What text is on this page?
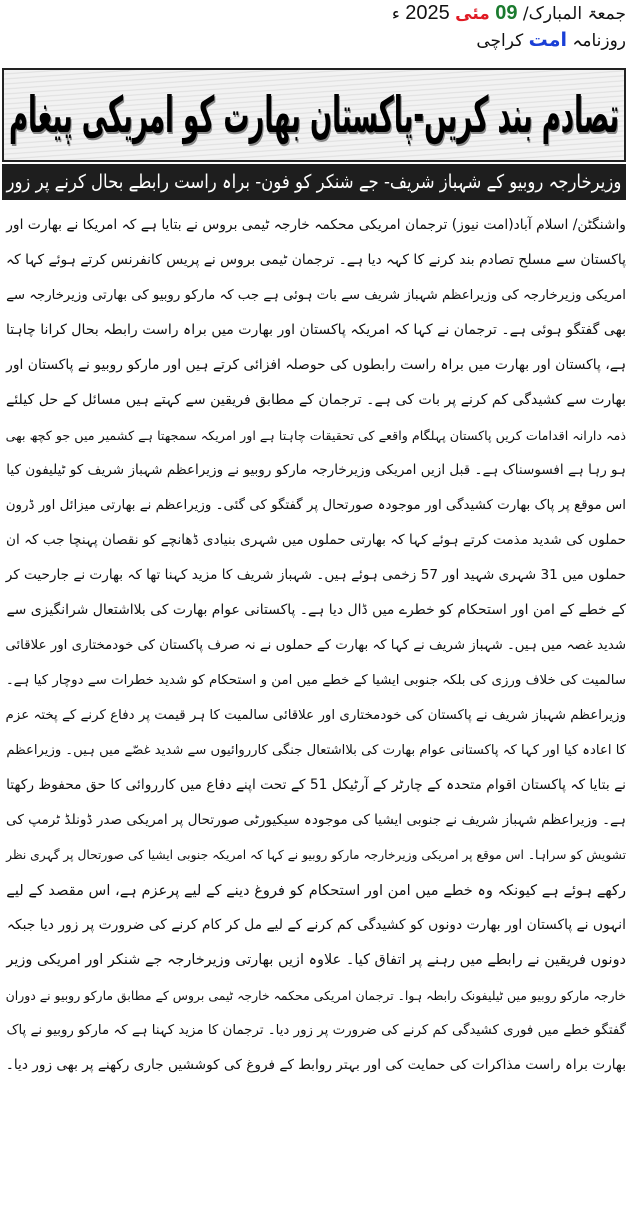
جمعۃ المبارک/ 09 مئی 2025 ء
روزنامہ امت کراچی
تصادم بند کریں-پاکستان بھارت کو امریکی پیغام
وزیرخارجہ روبیو کے شہباز شریف- جے شنکر کو فون- براہ راست رابطے بحال کرنے پر زور
واشنگٹن/ اسلام آباد(امت نیوز) ترجمان امریکی محکمہ خارجہ ٹیمی بروس نے بتایا ہے کہ امریکا نے بھارت اور
پاکستان سے مسلح تصادم بند کرنے کا کہہ دیا ہے۔ ترجمان ٹیمی بروس نے پریس کانفرنس کرتے ہوئے کہا کہ
امریکی وزیرخارجہ کی وزیراعظم شہباز شریف سے بات ہوئی ہے جب کہ مارکو روبیو کی بھارتی وزیرخارجہ سے
بھی گفتگو ہوئی ہے۔ ترجمان نے کہا کہ امریکہ پاکستان اور بھارت میں براہ راست رابطہ بحال کرانا چاہتا
ہے، پاکستان اور بھارت میں براہ راست رابطوں کی حوصلہ افزائی کرتے ہیں اور مارکو روبیو نے پاکستان اور
بھارت سے کشیدگی کم کرنے پر بات کی ہے۔ ترجمان کے مطابق فریقین سے کہتے ہیں مسائل کے حل کیلئے
ذمہ دارانہ اقدامات کریں پاکستان پہلگام واقعے کی تحقیقات چاہتا ہے اور امریکہ سمجھتا ہے کشمیر میں جو کچھ بھی
ہو رہا ہے افسوسناک ہے۔ قبل ازیں امریکی وزیرخارجہ مارکو روبیو نے وزیراعظم شہباز شریف کو ٹیلیفون کیا
اس موقع پر پاک بھارت کشیدگی اور موجودہ صورتحال پر گفتگو کی گئی۔ وزیراعظم نے بھارتی میزائل اور ڈرون
حملوں کی شدید مذمت کرتے ہوئے کہا کہ بھارتی حملوں میں شہری بنیادی ڈھانچے کو نقصان پہنچا جب کہ ان
حملوں میں 31 شہری شہید اور 57 زخمی ہوئے ہیں۔ شہباز شریف کا مزید کہنا تھا کہ بھارت نے جارحیت کر
کے خطے کے امن اور استحکام کو خطرے میں ڈال دیا ہے۔ پاکستانی عوام بھارت کی بلااشتعال شرانگیزی سے
شدید غصہ میں ہیں۔ شہباز شریف نے کہا کہ بھارت کے حملوں نے نہ صرف پاکستان کی خودمختاری اور علاقائی
سالمیت کی خلاف ورزی کی بلکہ جنوبی ایشیا کے خطے میں امن و استحکام کو شدید خطرات سے دوچار کیا ہے۔
وزیراعظم شہباز شریف نے پاکستان کی خودمختاری اور علاقائی سالمیت کا ہر قیمت پر دفاع کرنے کے پختہ عزم
کا اعادہ کیا اور کہا کہ پاکستانی عوام بھارت کی بلااشتعال جنگی کارروائیوں سے شدید غصّے میں ہیں۔ وزیراعظم
نے بتایا کہ پاکستان اقوام متحدہ کے چارٹر کے آرٹیکل 51 کے تحت اپنے دفاع میں کارروائی کا حق محفوظ رکھتا
ہے۔ وزیراعظم شہباز شریف نے جنوبی ایشیا کی موجودہ سیکیورٹی صورتحال پر امریکی صدر ڈونلڈ ٹرمپ کی
تشویش کو سراہا۔ اس موقع پر امریکی وزیرخارجہ مارکو روبیو نے کہا کہ امریکہ جنوبی ایشیا کی صورتحال پر گہری نظر
رکھے ہوئے ہے کیونکہ وہ خطے میں امن اور استحکام کو فروغ دینے کے لیے پرعزم ہے، اس مقصد کے لیے
انہوں نے پاکستان اور بھارت دونوں کو کشیدگی کم کرنے کے لیے مل کر کام کرنے کی ضرورت پر زور دیا جبکہ
دونوں فریقین نے رابطے میں رہنے پر اتفاق کیا۔ علاوہ ازیں بھارتی وزیرخارجہ جے شنکر اور امریکی وزیر
خارجہ مارکو روبیو میں ٹیلیفونک رابطہ ہوا۔ ترجمان امریکی محکمہ خارجہ ٹیمی بروس کے مطابق مارکو روبیو نے دوران
گفتگو خطے میں فوری کشیدگی کم کرنے کی ضرورت پر زور دیا۔ ترجمان کا مزید کہنا ہے کہ مارکو روبیو نے پاک
بھارت براہ راست مذاکرات کی حمایت کی اور بہتر روابط کے فروغ کی کوششیں جاری رکھنے پر بھی زور دیا۔
